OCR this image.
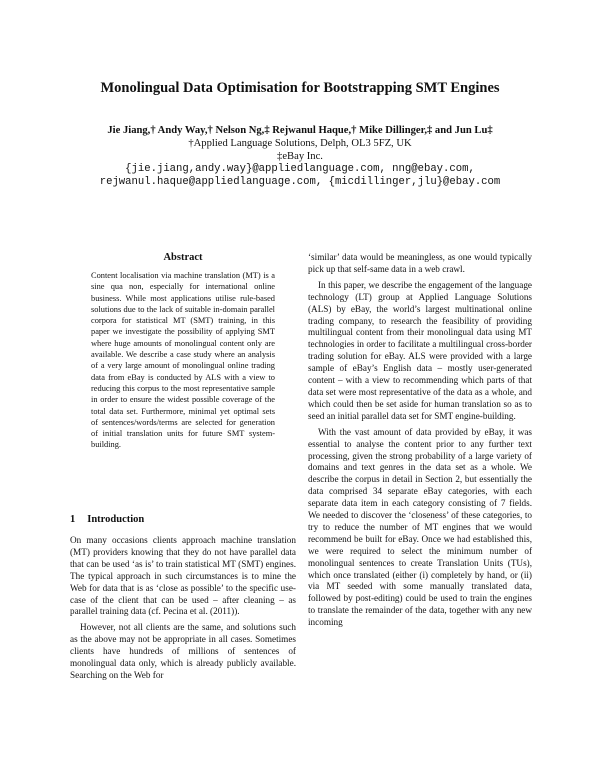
Monolingual Data Optimisation for Bootstrapping SMT Engines
Jie Jiang,† Andy Way,† Nelson Ng,‡ Rejwanul Haque,† Mike Dillinger,‡ and Jun Lu‡
†Applied Language Solutions, Delph, OL3 5FZ, UK
‡eBay Inc.
{jie.jiang,andy.way}@appliedlanguage.com, nng@ebay.com,
rejwanul.haque@appliedlanguage.com, {micdillinger,jlu}@ebay.com
Abstract
Content localisation via machine translation (MT) is a sine qua non, especially for international online business. While most applications utilise rule-based solutions due to the lack of suitable in-domain parallel corpora for statistical MT (SMT) training, in this paper we investigate the possibility of applying SMT where huge amounts of monolingual content only are available. We describe a case study where an analysis of a very large amount of monolingual online trading data from eBay is conducted by ALS with a view to reducing this corpus to the most representative sample in order to ensure the widest possible coverage of the total data set. Furthermore, minimal yet optimal sets of sentences/words/terms are selected for generation of initial translation units for future SMT system-building.
1 Introduction

On many occasions clients approach machine translation (MT) providers knowing that they do not have parallel data that can be used ‘as is’ to train statistical MT (SMT) engines. The typical approach in such circumstances is to mine the Web for data that is as ‘close as possible’ to the specific use-case of the client that can be used – after cleaning – as parallel training data (cf. Pecina et al. (2011)).

However, not all clients are the same, and solutions such as the above may not be appropriate in all cases. Sometimes clients have hundreds of millions of sentences of monolingual data only, which is already publicly available. Searching on the Web for

‘similar’ data would be meaningless, as one would typically pick up that self-same data in a web crawl.

In this paper, we describe the engagement of the language technology (LT) group at Applied Language Solutions (ALS) by eBay, the world’s largest multinational online trading company, to research the feasibility of providing multilingual content from their monolingual data using MT technologies in order to facilitate a multilingual cross-border trading solution for eBay. ALS were provided with a large sample of eBay’s English data – mostly user-generated content – with a view to recommending which parts of that data set were most representative of the data as a whole, and which could then be set aside for human translation so as to seed an initial parallel data set for SMT engine-building.

With the vast amount of data provided by eBay, it was essential to analyse the content prior to any further text processing, given the strong probability of a large variety of domains and text genres in the data set as a whole. We describe the corpus in detail in Section 2, but essentially the data comprised 34 separate eBay categories, with each separate data item in each category consisting of 7 fields. We needed to discover the ‘closeness’ of these categories, to try to reduce the number of MT engines that we would recommend be built for eBay. Once we had established this, we were required to select the minimum number of monolingual sentences to create Translation Units (TUs), which once translated (either (i) completely by hand, or (ii) via MT seeded with some manually translated data, followed by post-editing) could be used to train the engines to translate the remainder of the data, together with any new incoming
